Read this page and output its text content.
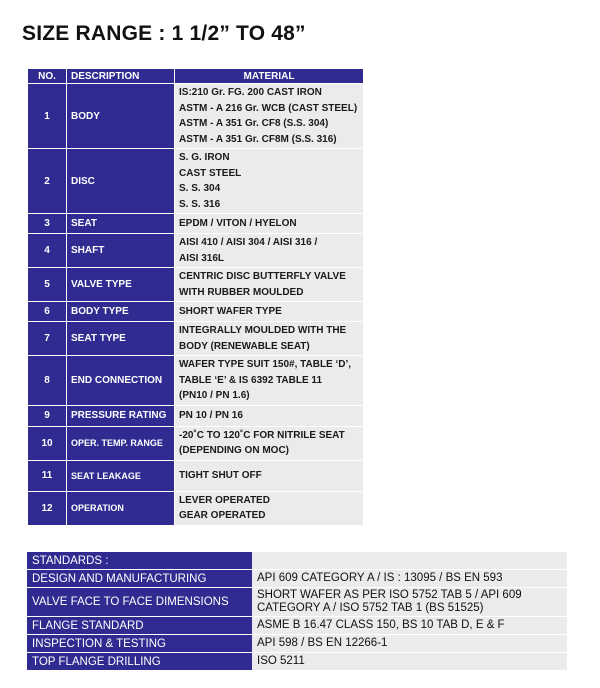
SIZE RANGE : 1 1/2” TO 48”
NO.	DESCRIPTION	MATERIAL
1	BODY	IS:210 Gr. FG. 200 CAST IRON
ASTM - A 216 Gr. WCB (CAST STEEL)
ASTM - A 351 Gr. CF8 (S.S. 304)
ASTM - A 351 Gr. CF8M (S.S. 316)

2	DISC	S. G. IRON
CAST STEEL
S. S. 304
S. S. 316

3	SEAT	EPDM / VITON / HYELON

4	SHAFT	AISI 410 / AISI 304 / AISI 316 /
AISI 316L

5	VALVE TYPE	CENTRIC DISC BUTTERFLY VALVE
WITH RUBBER MOULDED

6	BODY TYPE	SHORT WAFER TYPE

7	SEAT TYPE	INTEGRALLY MOULDED WITH THE
BODY (RENEWABLE SEAT)

8	END CONNECTION	WAFER TYPE SUIT 150#, TABLE ‘D’,
TABLE ‘E’ & IS 6392 TABLE 11
(PN10 / PN 1.6)

9	PRESSURE RATING	PN 10 / PN 16

10	OPER. TEMP. RANGE	-20˚C TO 120˚C FOR NITRILE SEAT
(DEPENDING ON MOC)

11	SEAT LEAKAGE	TIGHT SHUT OFF

12	OPERATION	LEVER OPERATED
GEAR OPERATED
STANDARDS :	
DESIGN AND MANUFACTURING	API 609 CATEGORY A / IS : 13095 / BS EN 593
VALVE FACE TO FACE DIMENSIONS	SHORT WAFER AS PER ISO 5752 TAB 5 / API 609 CATEGORY A / ISO 5752 TAB 1 (BS 51525)
FLANGE STANDARD	ASME B 16.47 CLASS 150, BS 10 TAB D, E & F
INSPECTION & TESTING	API 598 / BS EN 12266-1
TOP FLANGE DRILLING	ISO 5211
